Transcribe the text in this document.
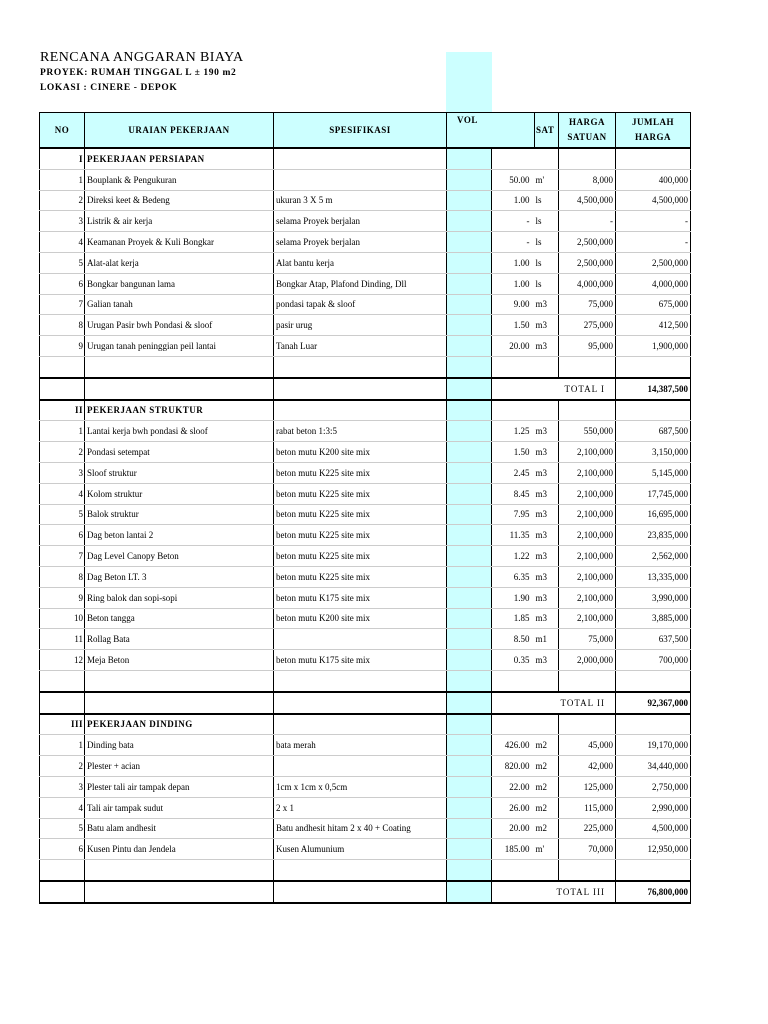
RENCANA ANGGARAN BIAYA
PROYEK: RUMAH TINGGAL L ± 190 m2
LOKASI : CINERE - DEPOK
NO	URAIAN PEKERJAAN	SPESIFIKASI	VOL		SAT	HARGA
SATUAN	JUMLAH
HARGA
I	PEKERJAAN PERSIAPAN						
1	Bouplank & Pengukuran			50.00	m'	8,000	400,000
2	Direksi keet & Bedeng	ukuran 3 X 5 m		1.00	ls	4,500,000	4,500,000
3	Listrik & air kerja	selama Proyek berjalan		-	ls	-	-
4	Keamanan Proyek & Kuli Bongkar	selama Proyek berjalan		-	ls	2,500,000	-
5	Alat-alat kerja	Alat bantu kerja		1.00	ls	2,500,000	2,500,000
6	Bongkar bangunan lama	Bongkar Atap, Plafond Dinding, Dll		1.00	ls	4,000,000	4,000,000
7	Galian tanah	pondasi tapak & sloof		9.00	m3	75,000	675,000
8	Urugan Pasir bwh Pondasi & sloof	pasir urug		1.50	m3	275,000	412,500
9	Urugan tanah peninggian peil lantai	Tanah Luar		20.00	m3	95,000	1,900,000

				TOTAL I			14,387,500
II	PEKERJAAN STRUKTUR						
1	Lantai kerja bwh pondasi & sloof	rabat beton 1:3:5		1.25	m3	550,000	687,500
2	Pondasi setempat	beton mutu K200 site mix		1.50	m3	2,100,000	3,150,000
3	Sloof struktur	beton mutu K225 site mix		2.45	m3	2,100,000	5,145,000
4	Kolom struktur	beton mutu K225 site mix		8.45	m3	2,100,000	17,745,000
5	Balok struktur	beton mutu K225 site mix		7.95	m3	2,100,000	16,695,000
6	Dag beton lantai 2	beton mutu K225 site mix		11.35	m3	2,100,000	23,835,000
7	Dag Level Canopy Beton	beton mutu K225 site mix		1.22	m3	2,100,000	2,562,000
8	Dag Beton LT. 3	beton mutu K225 site mix		6.35	m3	2,100,000	13,335,000
9	Ring balok dan sopi-sopi	beton mutu K175 site mix		1.90	m3	2,100,000	3,990,000
10	Beton tangga	beton mutu K200 site mix		1.85	m3	2,100,000	3,885,000
11	Rollag Bata			8.50	m1	75,000	637,500
12	Meja Beton	beton mutu K175 site mix		0.35	m3	2,000,000	700,000

				TOTAL II			92,367,000
III	PEKERJAAN DINDING						
1	Dinding bata	bata merah		426.00	m2	45,000	19,170,000
2	Plester + acian			820.00	m2	42,000	34,440,000
3	Plester tali air tampak depan	1cm x 1cm x 0,5cm		22.00	m2	125,000	2,750,000
4	Tali air tampak sudut	2 x 1		26.00	m2	115,000	2,990,000
5	Batu alam andhesit	Batu andhesit hitam 2 x 40 + Coating		20.00	m2	225,000	4,500,000
6	Kusen Pintu dan Jendela	Kusen Alumunium		185.00	m'	70,000	12,950,000

				TOTAL III			76,800,000
